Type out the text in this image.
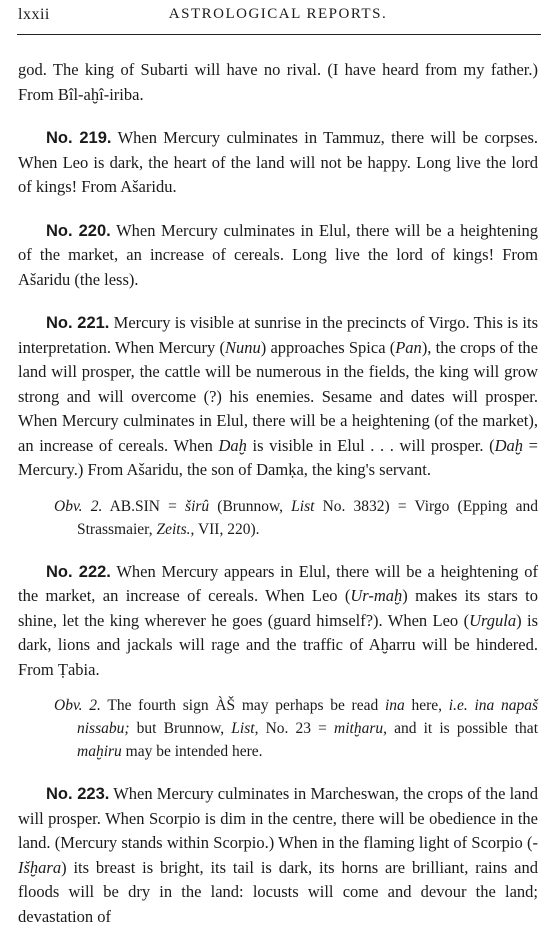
lxxii	ASTROLOGICAL REPORTS.

god. The king of Subarti will have no rival. (I have heard from my father.) From Bîl-aḫî-iriba.

No. 219. When Mercury culminates in Tammuz, there will be corpses. When Leo is dark, the heart of the land will not be happy. Long live the lord of kings! From Ašaridu.

No. 220. When Mercury culminates in Elul, there will be a heightening of the market, an increase of cereals. Long live the lord of kings! From Ašaridu (the less).

No. 221. Mercury is visible at sunrise in the precincts of Virgo. This is its interpretation. When Mercury (Nunu) approaches Spica (Pan), the crops of the land will prosper, the cattle will be numerous in the fields, the king will grow strong and will overcome (?) his enemies. Sesame and dates will prosper. When Mercury culminates in Elul, there will be a heightening (of the market), an increase of cereals. When Daḫ is visible in Elul . . . will prosper. (Daḫ = Mercury.) From Ašaridu, the son of Damḳa, the king's servant.

Obv. 2. AB.SIN = širû (Brunnow, List No. 3832) = Virgo (Epping and Strassmaier, Zeits., VII, 220).

No. 222. When Mercury appears in Elul, there will be a heightening of the market, an increase of cereals. When Leo (Ur-maḫ) makes its stars to shine, let the king wherever he goes (guard himself?). When Leo (Urgula) is dark, lions and jackals will rage and the traffic of Aḫarru will be hindered. From Ṭabia.

Obv. 2. The fourth sign ÀŠ may perhaps be read ina here, i.e. ina napaš nissabu; but Brunnow, List, No. 23 = mitḫaru, and it is possible that maḫiru may be intended here.

No. 223. When Mercury culminates in Marcheswan, the crops of the land will prosper. When Scorpio is dim in the centre, there will be obedience in the land. (Mercury stands within Scorpio.) When in the flaming light of Scorpio (-Išḫara) its breast is bright, its tail is dark, its horns are brilliant, rains and floods will be dry in the land: locusts will come and devour the land; devastation of
